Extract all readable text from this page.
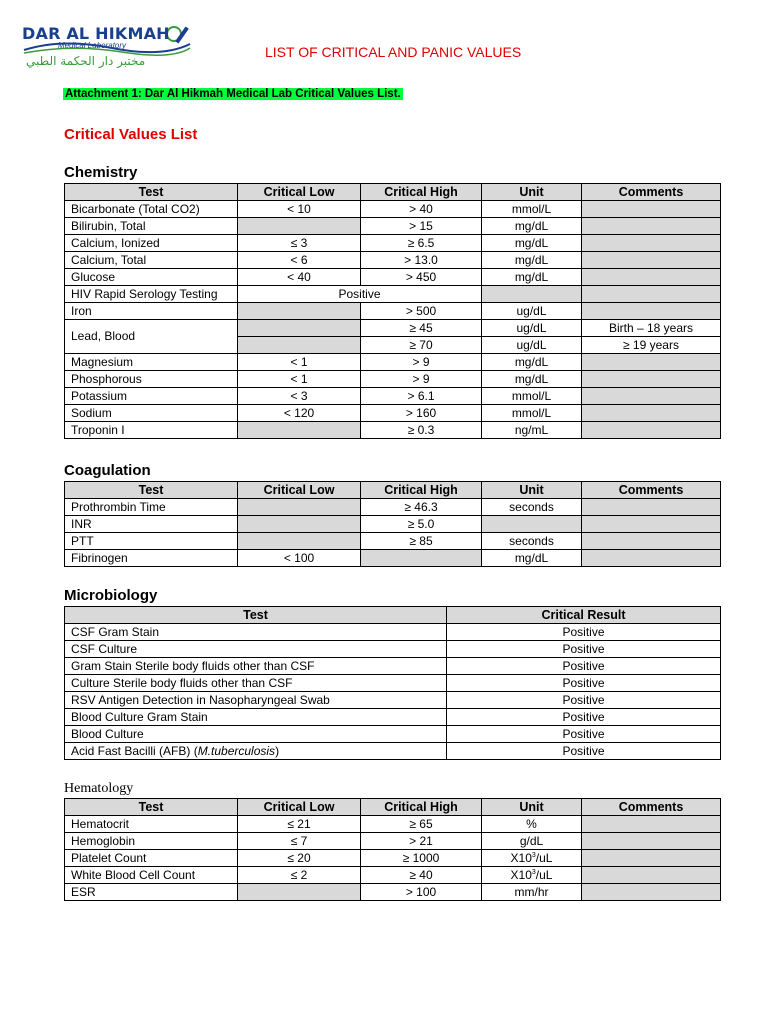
DAR AL HIKMAH
Medical Laboratory
مختبر دار الحكمة الطبي
LIST OF CRITICAL AND PANIC VALUES
Attachment 1: Dar Al Hikmah Medical Lab Critical Values List.
Critical Values List
Chemistry
Test	Critical Low	Critical High	Unit	Comments
Bicarbonate (Total CO2)	< 10	> 40	mmol/L	
Bilirubin, Total		> 15	mg/dL	
Calcium, Ionized	≤ 3	≥ 6.5	mg/dL	
Calcium, Total	< 6	> 13.0	mg/dL	
Glucose	< 40	> 450	mg/dL	
HIV Rapid Serology Testing	Positive			
Iron		> 500	ug/dL	
Lead, Blood		≥ 45	ug/dL	Birth – 18 years
		≥ 70	ug/dL	≥ 19 years
Magnesium	< 1	> 9	mg/dL	
Phosphorous	< 1	> 9	mg/dL	
Potassium	< 3	> 6.1	mmol/L	
Sodium	< 120	> 160	mmol/L	
Troponin I		≥ 0.3	ng/mL	
Coagulation
Test	Critical Low	Critical High	Unit	Comments
Prothrombin Time		≥ 46.3	seconds	
INR		≥ 5.0		
PTT		≥ 85	seconds	
Fibrinogen	< 100		mg/dL	
Microbiology
Test	Critical Result
CSF Gram Stain	Positive
CSF Culture	Positive
Gram Stain Sterile body fluids other than CSF	Positive
Culture Sterile body fluids other than CSF	Positive
RSV Antigen Detection in Nasopharyngeal Swab	Positive
Blood Culture Gram Stain	Positive
Blood Culture	Positive
Acid Fast Bacilli (AFB) (M.tuberculosis)	Positive
Hematology
Test	Critical Low	Critical High	Unit	Comments
Hematocrit	≤ 21	≥ 65	%	
Hemoglobin	≤ 7	> 21	g/dL	
Platelet Count	≤ 20	≥ 1000	$X10^3/uL$	
White Blood Cell Count	≤ 2	≥ 40	$X10^3/uL$	
ESR		> 100	mm/hr	
